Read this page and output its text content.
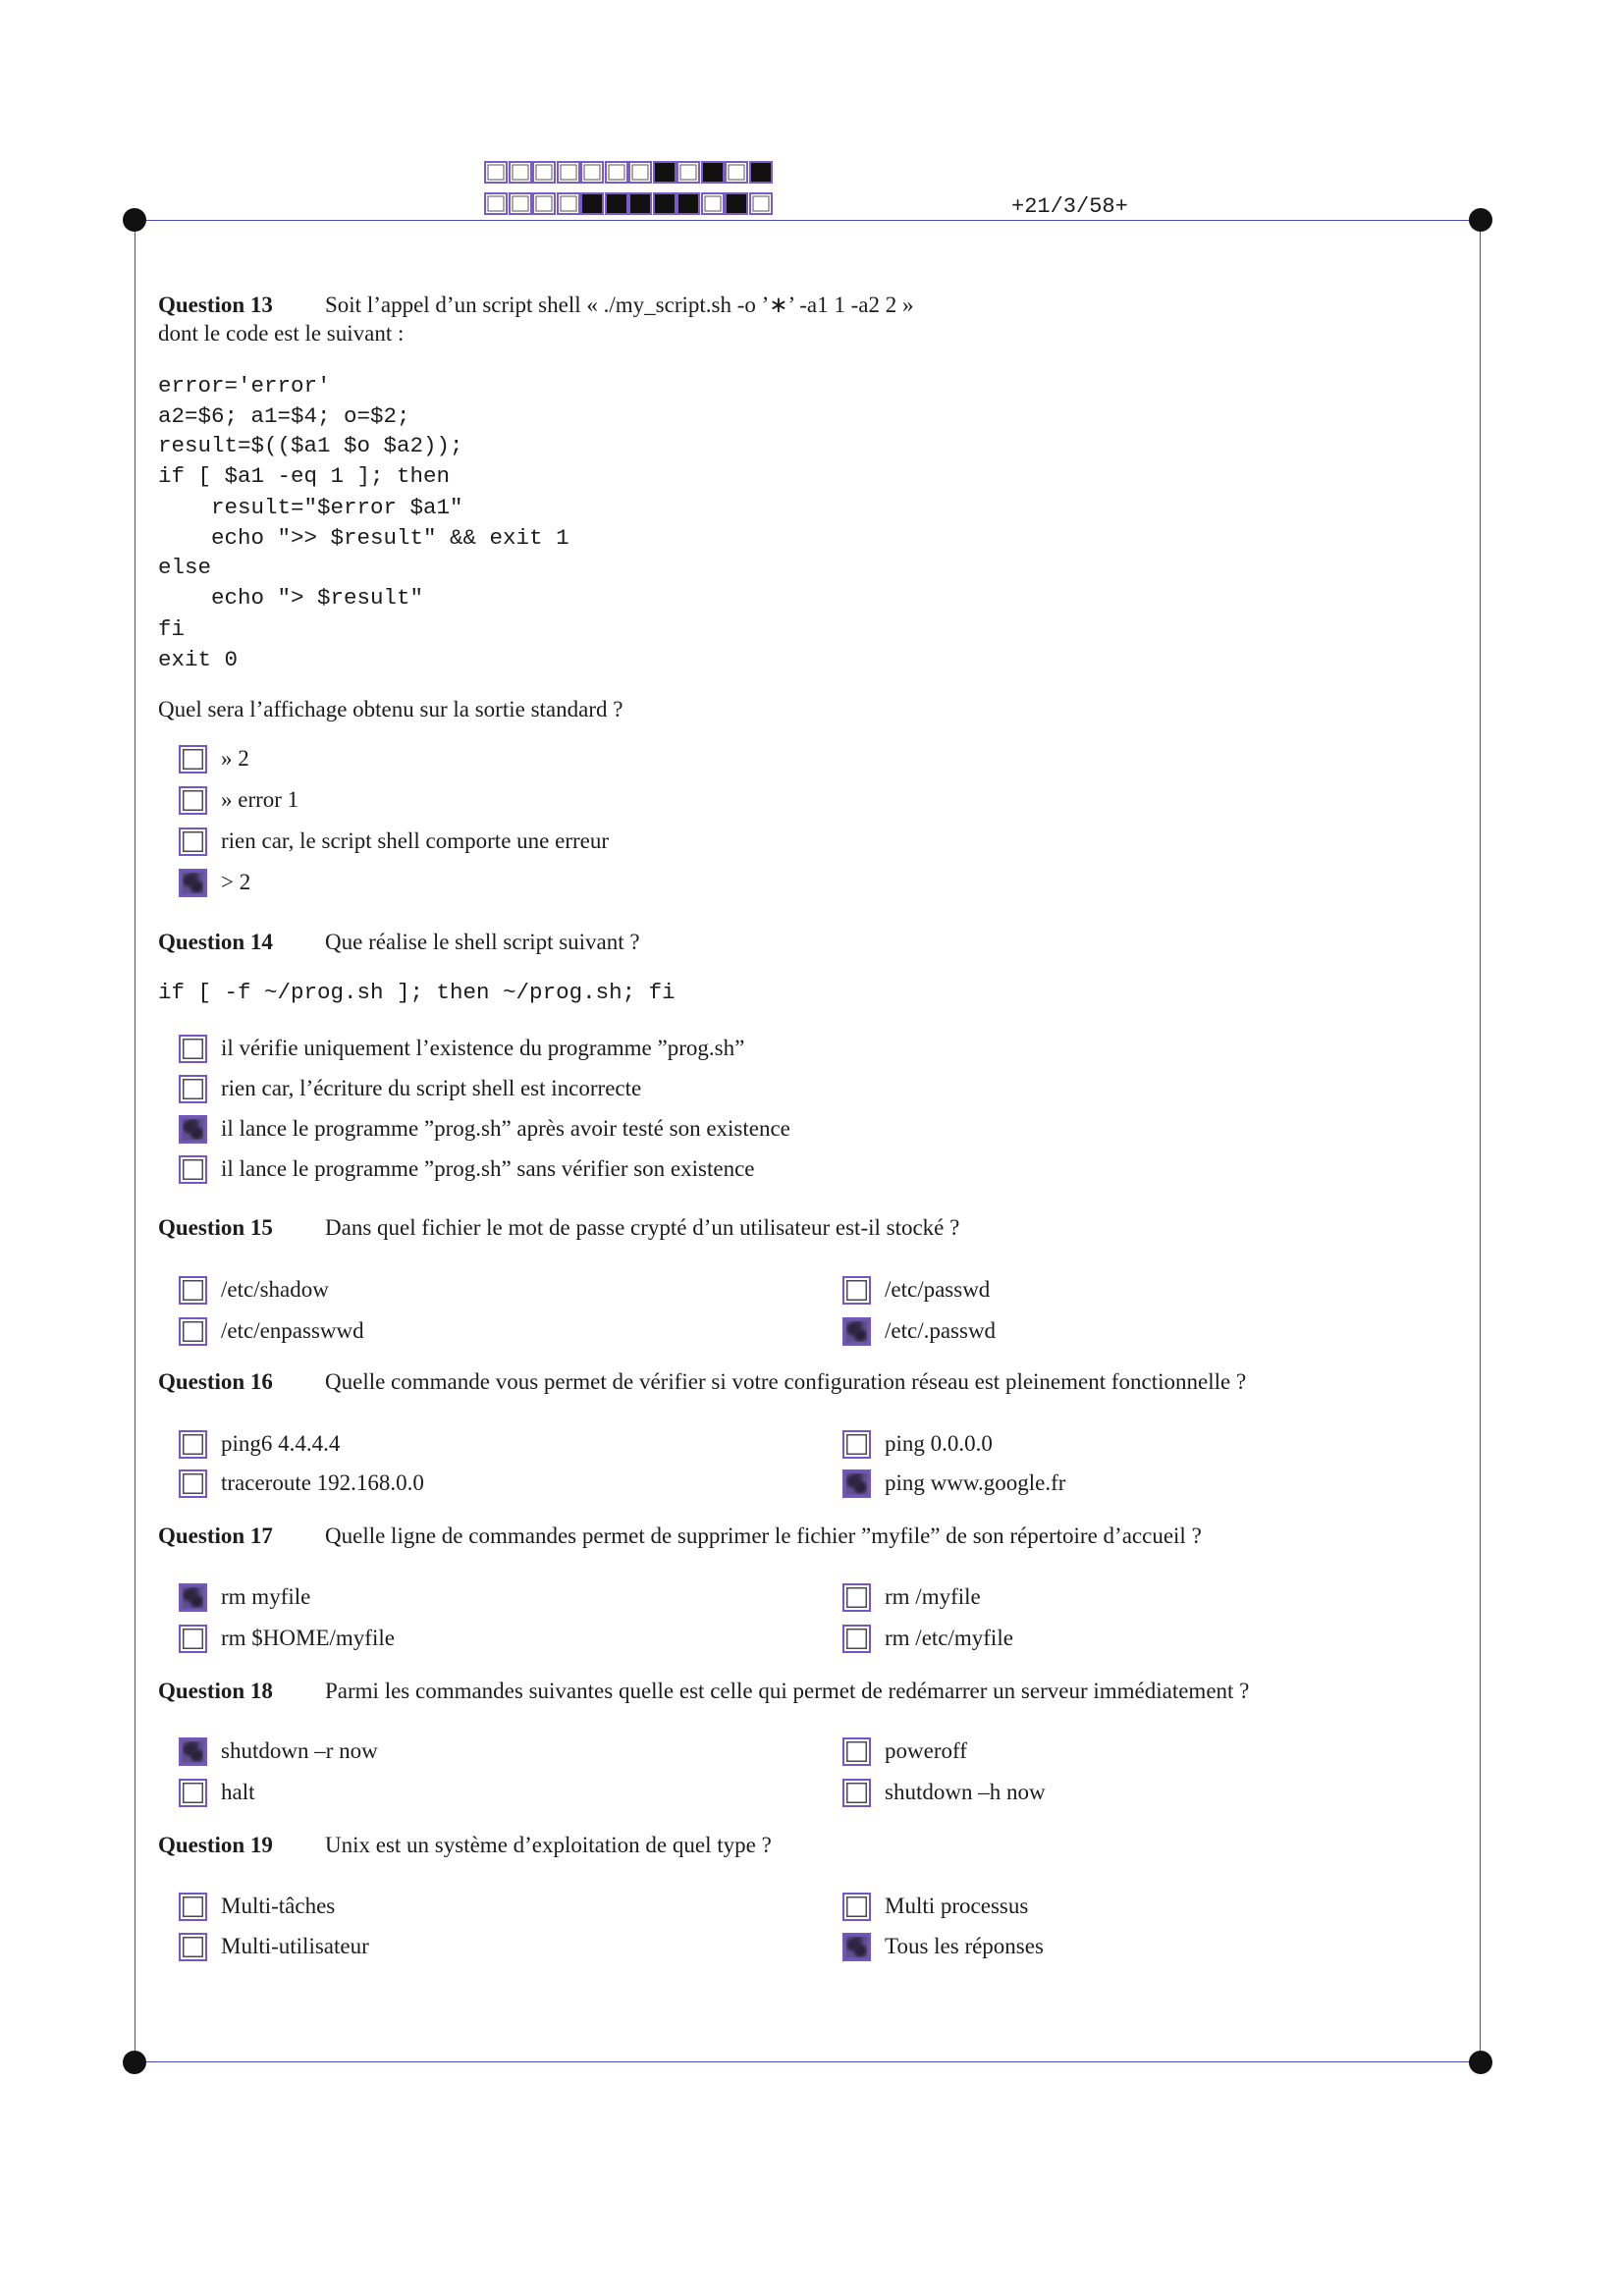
+21/3/58+
Question 13 Soit l’appel d’un script shell « ./my_script.sh -o ’∗’ -a1 1 -a2 2 »
dont le code est le suivant :
error='error'
a2=$6; a1=$4; o=$2;
result=$(($a1 $o $a2));
if [ $a1 -eq 1 ]; then
result="$error $a1"
echo ">> $result" && exit 1
else
echo "> $result"
fi
exit 0
Quel sera l’affichage obtenu sur la sortie standard ?
» 2
» error 1
rien car, le script shell comporte une erreur
> 2
Question 14 Que réalise le shell script suivant ?
if [ -f ~/prog.sh ]; then ~/prog.sh; fi
il vérifie uniquement l’existence du programme ”prog.sh”
rien car, l’écriture du script shell est incorrecte
il lance le programme ”prog.sh” après avoir testé son existence
il lance le programme ”prog.sh” sans vérifier son existence
Question 15 Dans quel fichier le mot de passe crypté d’un utilisateur est-il stocké ?
/etc/shadow
/etc/enpasswwd
/etc/passwd
/etc/.passwd
Question 16 Quelle commande vous permet de vérifier si votre configuration réseau est pleinement fonctionnelle ?
ping6 4.4.4.4
traceroute 192.168.0.0
ping 0.0.0.0
ping www.google.fr
Question 17 Quelle ligne de commandes permet de supprimer le fichier ”myfile” de son répertoire d’accueil ?
rm myfile
rm $HOME/myfile
rm /myfile
rm /etc/myfile
Question 18 Parmi les commandes suivantes quelle est celle qui permet de redémarrer un serveur immédiatement ?
shutdown –r now
halt
poweroff
shutdown –h now
Question 19 Unix est un système d’exploitation de quel type ?
Multi-tâches
Multi-utilisateur
Multi processus
Tous les réponses
